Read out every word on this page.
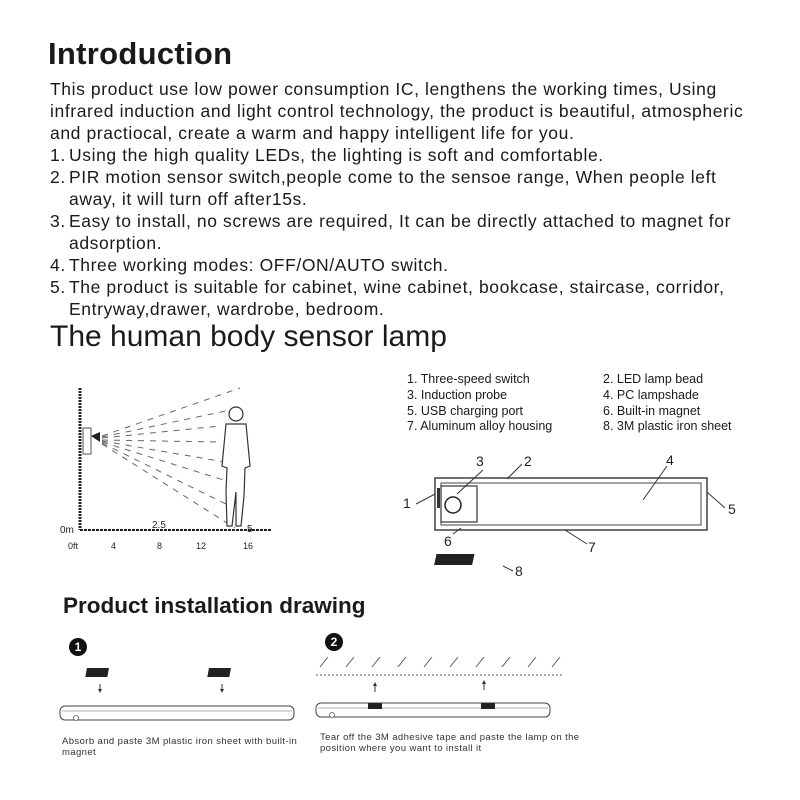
Introduction
This product use low power consumption IC, lengthens the working times, Using infrared induction and light control technology, the product is beautiful, atmospheric and practiocal, create a warm and happy intelligent life for you.
1. Using the high quality LEDs, the lighting is soft and comfortable.
2. PIR motion sensor switch,people come to the sensoe range, When people left away, it will turn off after15s.
3. Easy to install, no screws are required, It can be directly attached to magnet for adsorption.
4. Three working modes: OFF/ON/AUTO switch.
5. The product is suitable for cabinet, wine cabinet, bookcase, staircase, corridor, Entryway,drawer, wardrobe, bedroom.
The human body sensor lamp
0m
0ft
2.5	5
4	8	12	16
1. Three-speed switch	2. LED lamp bead
3. Induction probe	4. PC lampshade
5. USB charging port	6. Built-in magnet
7. Aluminum alloy housing	8. 3M plastic iron sheet
1
2
3	4
5
6	7
8
Product installation drawing
1
Absorb and paste 3M plastic iron sheet with built-in magnet
2
Tear off the 3M adhesive tape and paste the lamp on the position where you want to install it
